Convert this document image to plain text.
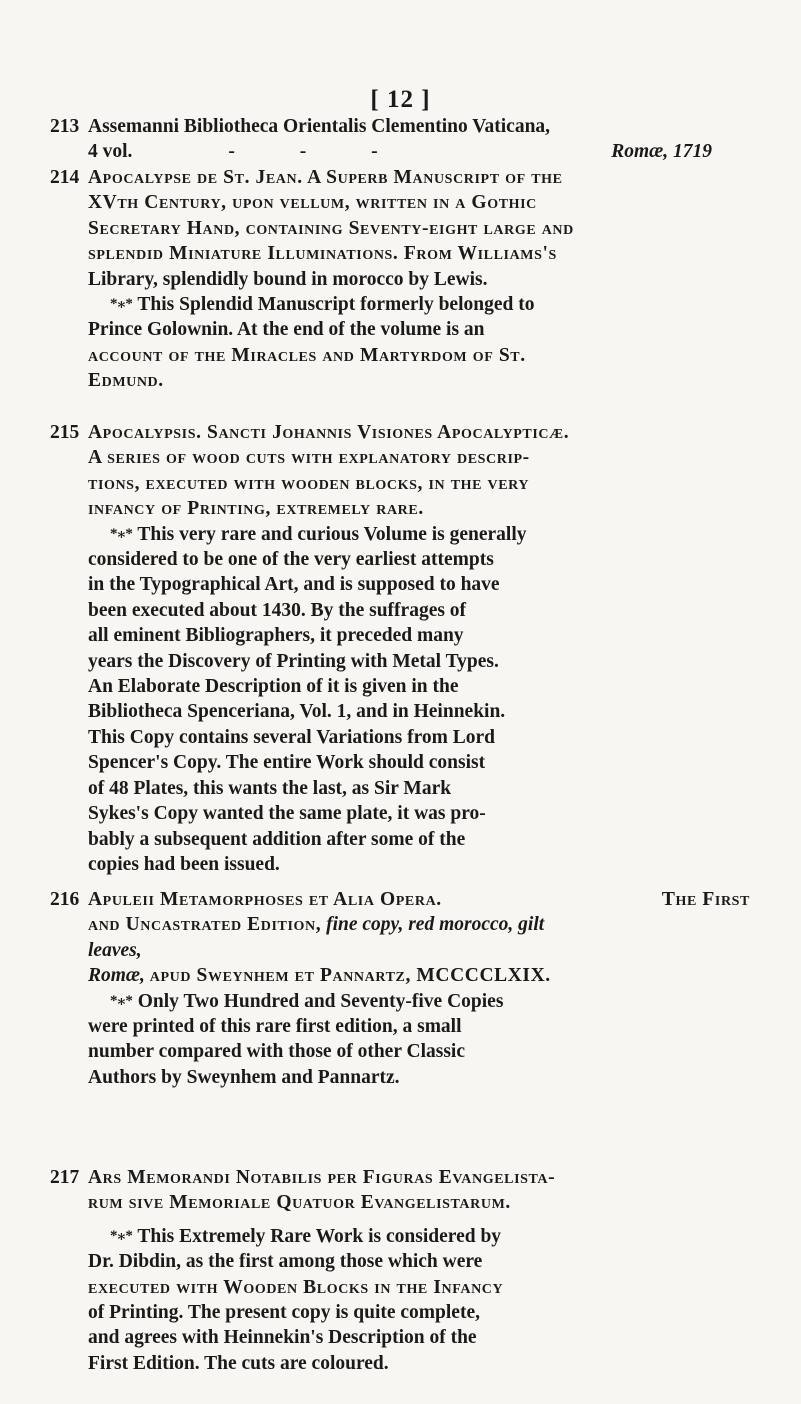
[ 12 ]
213 Assemanni Bibliotheca Orientalis Clementino Vaticana,
4 vol.	- - -	Romæ, 1719
214 Apocalypse de St. Jean. A Superb Manuscript of the
XVth Century, upon vellum, written in a Gothic
Secretary Hand, containing Seventy-eight large and
splendid Miniature Illuminations. From Williams's
Library, splendidly bound in morocco by Lewis.
*⁎* This Splendid Manuscript formerly belonged to
Prince Golownin. At the end of the volume is an
account of the Miracles and Martyrdom of St.
Edmund.
215 Apocalypsis. Sancti Johannis Visiones Apocalypticæ.
A series of wood cuts with explanatory descrip-
tions, executed with wooden blocks, in the very
infancy of Printing, extremely rare.
*⁎* This very rare and curious Volume is generally
considered to be one of the very earliest attempts
in the Typographical Art, and is supposed to have
been executed about 1430. By the suffrages of
all eminent Bibliographers, it preceded many
years the Discovery of Printing with Metal Types.
An Elaborate Description of it is given in the
Bibliotheca Spenceriana, Vol. 1, and in Heinnekin.
This Copy contains several Variations from Lord
Spencer's Copy. The entire Work should consist
of 48 Plates, this wants the last, as Sir Mark
Sykes's Copy wanted the same plate, it was pro-
bably a subsequent addition after some of the
copies had been issued.
216 Apuleii Metamorphoses et Alia Opera.	The First
and Uncastrated Edition, fine copy, red morocco, gilt
leaves,
Romæ, apud Sweynhem et Pannartz, MCCCCLXIX.
*⁎* Only Two Hundred and Seventy-five Copies
were printed of this rare first edition, a small
number compared with those of other Classic
Authors by Sweynhem and Pannartz.
217 Ars Memorandi Notabilis per Figuras Evangelista-
rum sive Memoriale Quatuor Evangelistarum.
*⁎* This Extremely Rare Work is considered by
Dr. Dibdin, as the first among those which were
executed with Wooden Blocks in the Infancy
of Printing. The present copy is quite complete,
and agrees with Heinnekin's Description of the
First Edition. The cuts are coloured.
